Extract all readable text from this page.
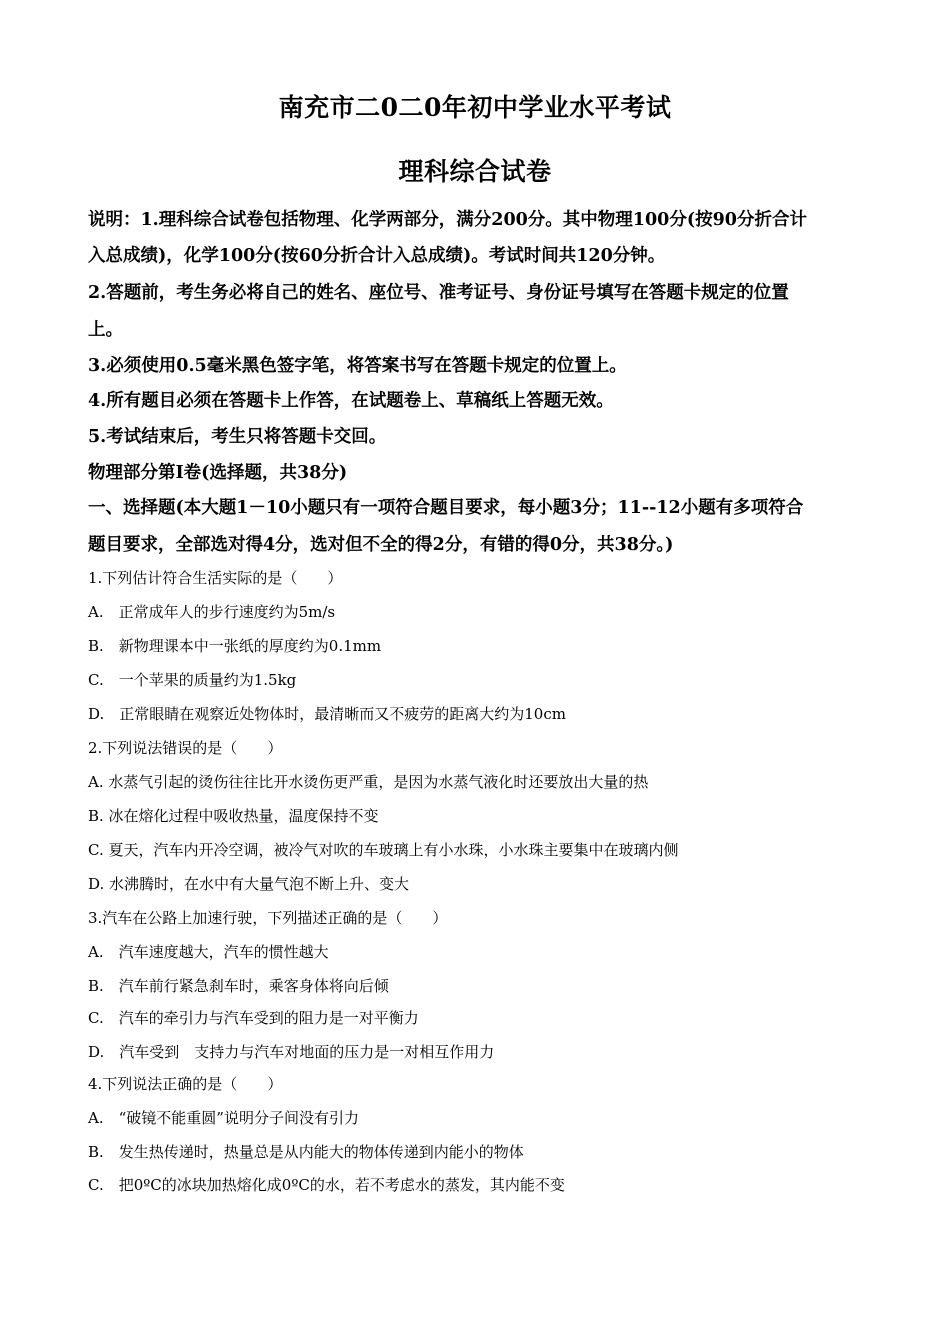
南充市二0二0年初中学业水平考试
理科综合试卷
说明：1.理科综合试卷包括物理、化学两部分，满分200分。其中物理100分(按90分折合计
入总成绩)，化学100分(按60分折合计入总成绩)。考试时间共120分钟。
2.答题前，考生务必将自己的姓名、座位号、准考证号、身份证号填写在答题卡规定的位置
上。
3.必须使用0.5毫米黑色签字笔，将答案书写在答题卡规定的位置上。
4.所有题目必须在答题卡上作答，在试题卷上、草稿纸上答题无效。
5.考试结束后，考生只将答题卡交回。
物理部分第I卷(选择题，共38分)
一、选择题(本大题1－10小题只有一项符合题目要求，每小题3分；11--12小题有多项符合
题目要求，全部选对得4分，选对但不全的得2分，有错的得0分，共38分。)
1.下列估计符合生活实际的是（　　）
A.　正常成年人的步行速度约为5m/s
B.　新物理课本中一张纸的厚度约为0.1mm
C.　一个苹果的质量约为1.5kg
D.　正常眼睛在观察近处物体时，最清晰而又不疲劳的距离大约为10cm
2.下列说法错误的是（　　）
A. 水蒸气引起的烫伤往往比开水烫伤更严重，是因为水蒸气液化时还要放出大量的热
B. 冰在熔化过程中吸收热量，温度保持不变
C. 夏天，汽车内开冷空调，被冷气对吹的车玻璃上有小水珠，小水珠主要集中在玻璃内侧
D. 水沸腾时，在水中有大量气泡不断上升、变大
3.汽车在公路上加速行驶，下列描述正确的是（　　）
A.　汽车速度越大，汽车的惯性越大
B.　汽车前行紧急刹车时，乘客身体将向后倾
C.　汽车的牵引力与汽车受到的阻力是一对平衡力
D.　汽车受到　支持力与汽车对地面的压力是一对相互作用力
4.下列说法正确的是（　　）
A.　“破镜不能重圆”说明分子间没有引力
B.　发生热传递时，热量总是从内能大的物体传递到内能小的物体
C.　把0ºC的冰块加热熔化成0ºC的水，若不考虑水的蒸发，其内能不变
